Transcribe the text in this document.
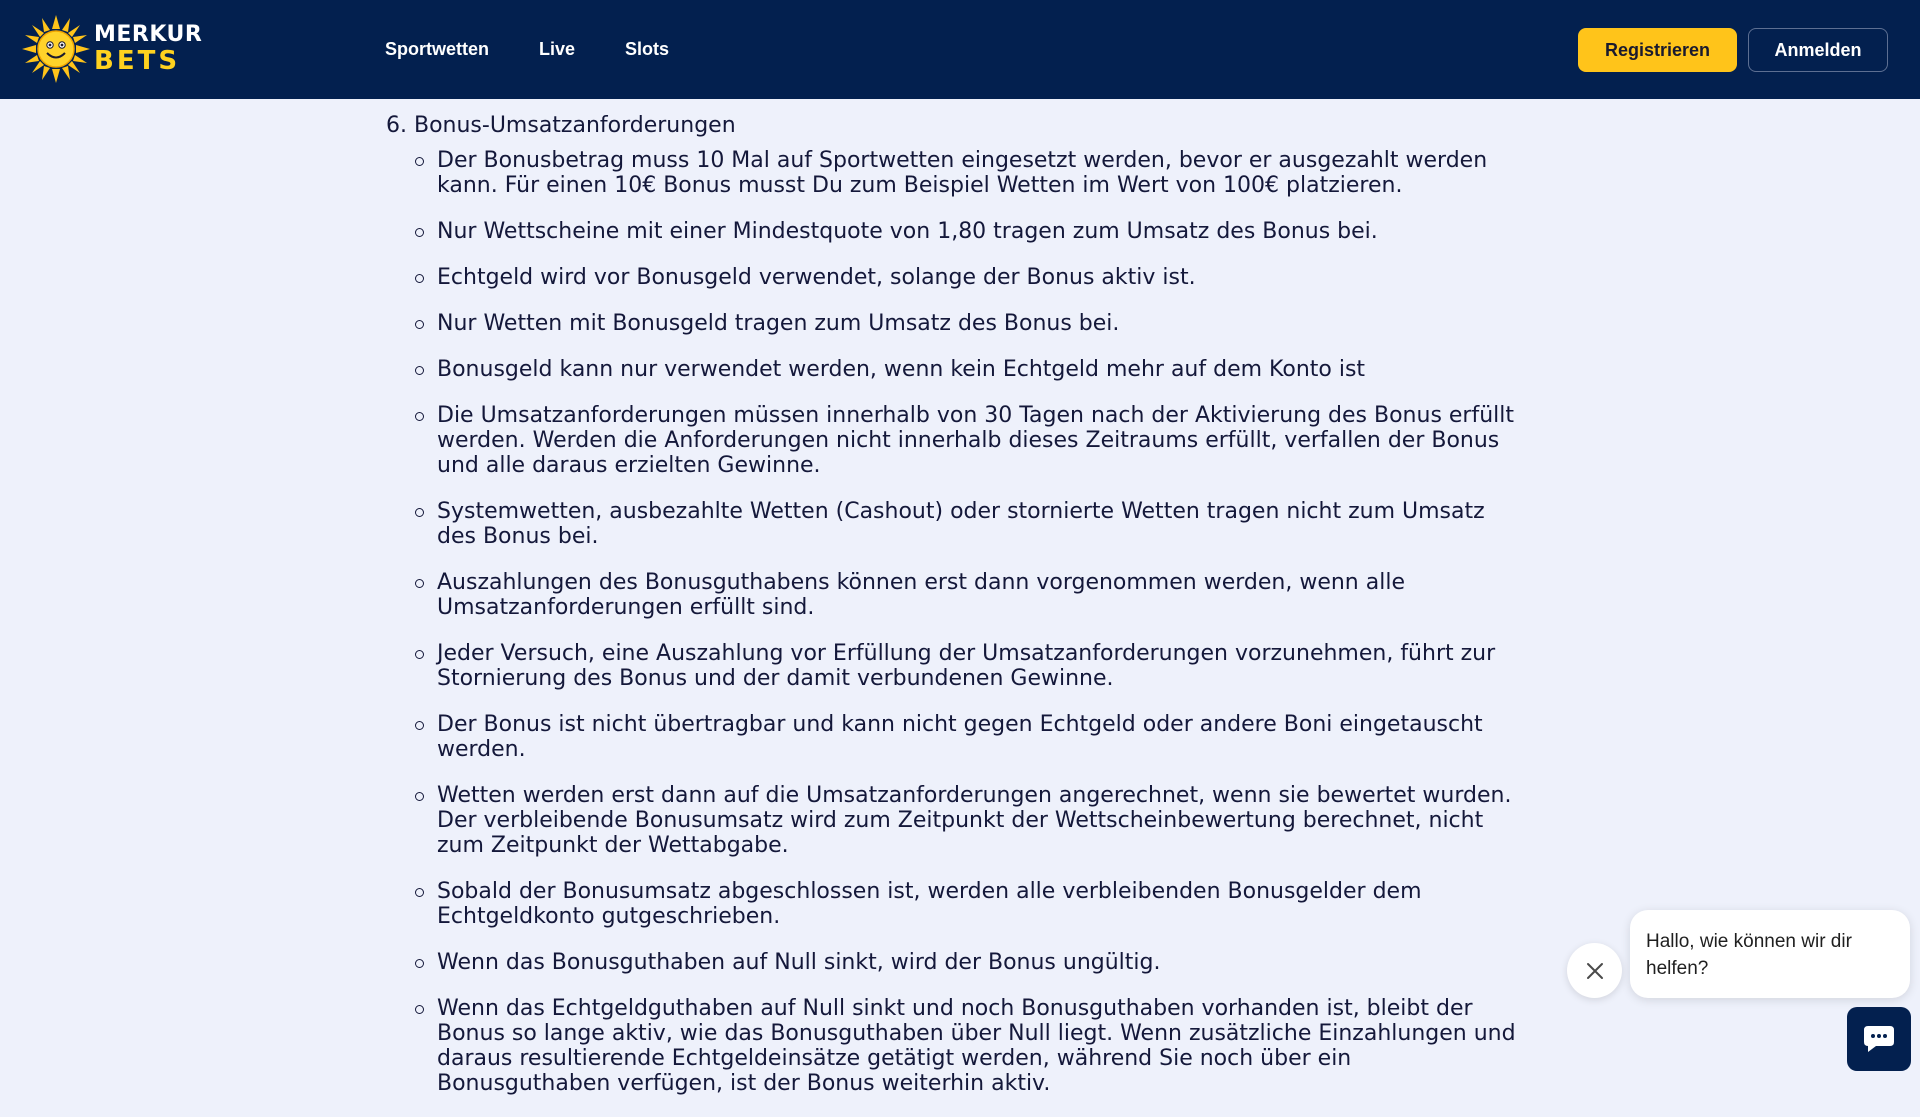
MERKUR
BETS	Sportwetten	Live	Slots	Registrieren	Anmelden

6. Bonus-Umsatzanforderungen

Der Bonusbetrag muss 10 Mal auf Sportwetten eingesetzt werden, bevor er ausgezahlt werden kann. Für einen 10€ Bonus musst Du zum Beispiel Wetten im Wert von 100€ platzieren.
Nur Wettscheine mit einer Mindestquote von 1,80 tragen zum Umsatz des Bonus bei.
Echtgeld wird vor Bonusgeld verwendet, solange der Bonus aktiv ist.
Nur Wetten mit Bonusgeld tragen zum Umsatz des Bonus bei.
Bonusgeld kann nur verwendet werden, wenn kein Echtgeld mehr auf dem Konto ist
Die Umsatzanforderungen müssen innerhalb von 30 Tagen nach der Aktivierung des Bonus erfüllt werden. Werden die Anforderungen nicht innerhalb dieses Zeitraums erfüllt, verfallen der Bonus und alle daraus erzielten Gewinne.
Systemwetten, ausbezahlte Wetten (Cashout) oder stornierte Wetten tragen nicht zum Umsatz des Bonus bei.
Auszahlungen des Bonusguthabens können erst dann vorgenommen werden, wenn alle Umsatzanforderungen erfüllt sind.
Jeder Versuch, eine Auszahlung vor Erfüllung der Umsatzanforderungen vorzunehmen, führt zur Stornierung des Bonus und der damit verbundenen Gewinne.
Der Bonus ist nicht übertragbar und kann nicht gegen Echtgeld oder andere Boni eingetauscht werden.
Wetten werden erst dann auf die Umsatzanforderungen angerechnet, wenn sie bewertet wurden. Der verbleibende Bonusumsatz wird zum Zeitpunkt der Wettscheinbewertung berechnet, nicht zum Zeitpunkt der Wettabgabe.
Sobald der Bonusumsatz abgeschlossen ist, werden alle verbleibenden Bonusgelder dem Echtgeldkonto gutgeschrieben.
Wenn das Bonusguthaben auf Null sinkt, wird der Bonus ungültig.
Wenn das Echtgeldguthaben auf Null sinkt und noch Bonusguthaben vorhanden ist, bleibt der Bonus so lange aktiv, wie das Bonusguthaben über Null liegt. Wenn zusätzliche Einzahlungen und daraus resultierende Echtgeldeinsätze getätigt werden, während Sie noch über ein Bonusguthaben verfügen, ist der Bonus weiterhin aktiv.
Hallo, wie können wir dir helfen?
